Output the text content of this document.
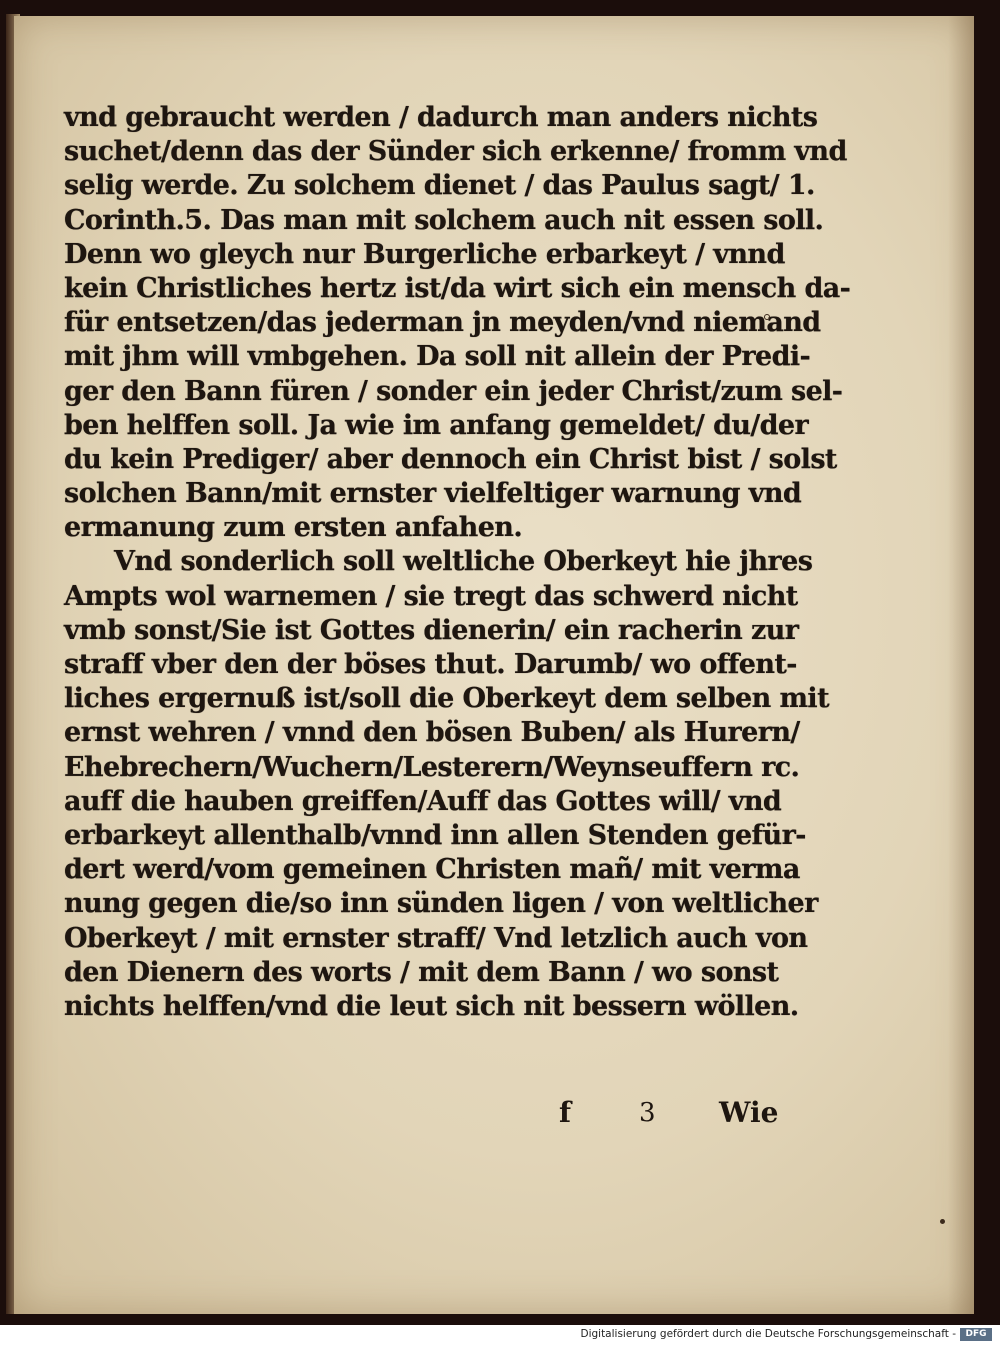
vnd gebraucht werden / dadurch man anders nichts
suchet/denn das der Sünder sich erkenne/ fromm vnd
selig werde. Zu solchem dienet / das Paulus sagt/ 1.
Corinth.5. Das man mit solchem auch nit essen soll.
Denn wo gleych nur Burgerliche erbarkeyt / vnnd
kein Christliches hertz ist/da wirt sich ein mensch da-
für entsetzen/das jederman jn meyden/vnd niemand
mit jhm will vmbgehen. Da soll nit allein der Predi-
ger den Bann füren / sonder ein jeder Christ/zum sel-
ben helffen soll. Ja wie im anfang gemeldet/ du/der
du kein Prediger/ aber dennoch ein Christ bist / solst
solchen Bann/mit ernster vielfeltiger warnung vnd
ermanung zum ersten anfahen.
Vnd sonderlich soll weltliche Oberkeyt hie jhres
Ampts wol warnemen / sie tregt das schwerd nicht
vmb sonst/Sie ist Gottes dienerin/ ein racherin zur
straff vber den der böses thut. Darumb/ wo offent-
liches ergernuß ist/soll die Oberkeyt dem selben mit
ernst wehren / vnnd den bösen Buben/ als Hurern/
Ehebrechern/Wuchern/Lesterern/Weynseuffern rc.
auff die hauben greiffen/Auff das Gottes will/ vnd
erbarkeyt allenthalb/vnnd inn allen Stenden gefür-
dert werd/vom gemeinen Christen mañ/ mit verma
nung gegen die/so inn sünden ligen / von weltlicher
Oberkeyt / mit ernster straff/ Vnd letzlich auch von
den Dienern des worts / mit dem Bann / wo sonst
nichts helffen/vnd die leut sich nit bessern wöllen.
f	3 Wie
Digitalisierung gefördert durch die Deutsche Forschungsgemeinschaft -	DFG
